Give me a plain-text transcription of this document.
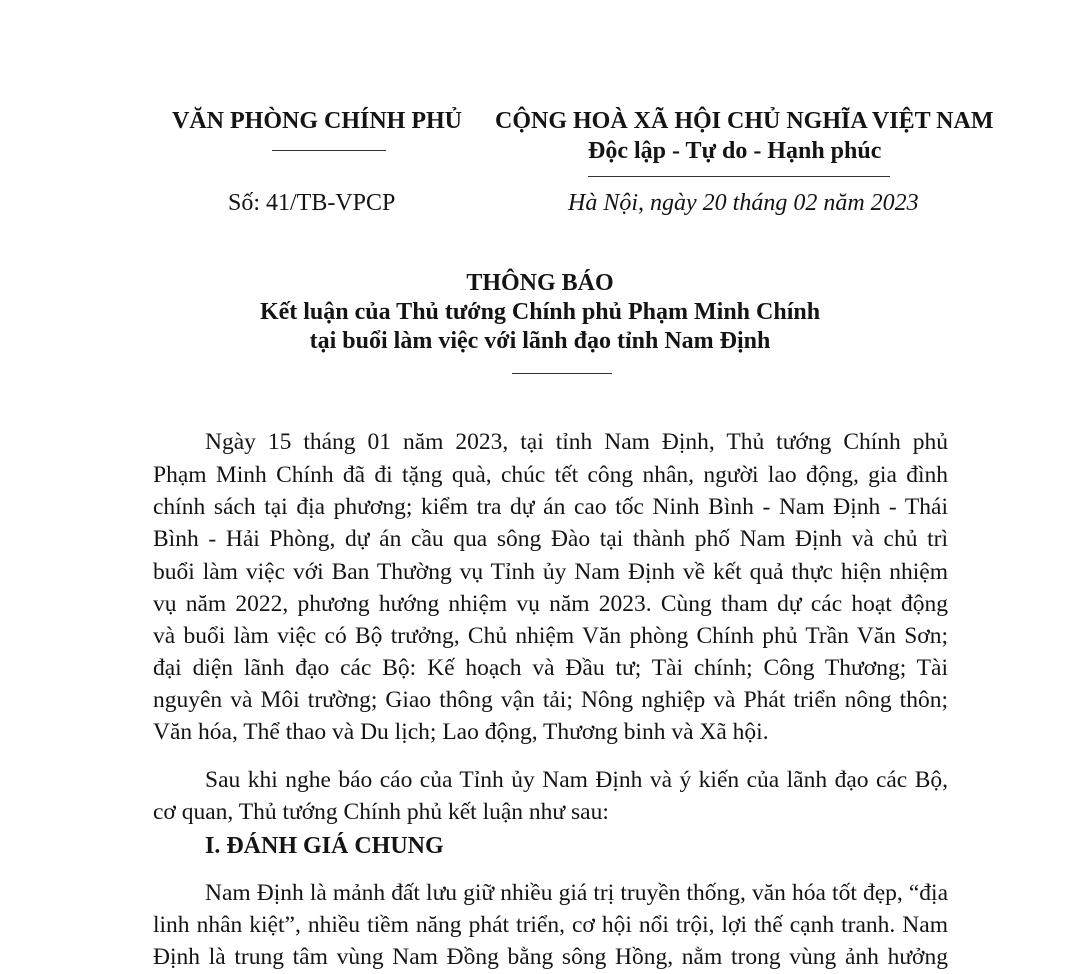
VĂN PHÒNG CHÍNH PHỦ
Số: 41/TB-VPCP
CỘNG HOÀ XÃ HỘI CHỦ NGHĨA VIỆT NAM
Độc lập - Tự do - Hạnh phúc
Hà Nội, ngày 20 tháng 02 năm 2023
THÔNG BÁO
Kết luận của Thủ tướng Chính phủ Phạm Minh Chính
tại buổi làm việc với lãnh đạo tỉnh Nam Định
Ngày 15 tháng 01 năm 2023, tại tỉnh Nam Định, Thủ tướng Chính phủ
Phạm Minh Chính đã đi tặng quà, chúc tết công nhân, người lao động, gia đình
chính sách tại địa phương; kiểm tra dự án cao tốc Ninh Bình - Nam Định - Thái
Bình - Hải Phòng, dự án cầu qua sông Đào tại thành phố Nam Định và chủ trì
buổi làm việc với Ban Thường vụ Tỉnh ủy Nam Định về kết quả thực hiện nhiệm
vụ năm 2022, phương hướng nhiệm vụ năm 2023. Cùng tham dự các hoạt động
và buổi làm việc có Bộ trưởng, Chủ nhiệm Văn phòng Chính phủ Trần Văn Sơn;
đại diện lãnh đạo các Bộ: Kế hoạch và Đầu tư; Tài chính; Công Thương; Tài
nguyên và Môi trường; Giao thông vận tải; Nông nghiệp và Phát triển nông thôn;
Văn hóa, Thể thao và Du lịch; Lao động, Thương binh và Xã hội.
Sau khi nghe báo cáo của Tỉnh ủy Nam Định và ý kiến của lãnh đạo các Bộ,
cơ quan, Thủ tướng Chính phủ kết luận như sau:
I. ĐÁNH GIÁ CHUNG
Nam Định là mảnh đất lưu giữ nhiều giá trị truyền thống, văn hóa tốt đẹp, “địa
linh nhân kiệt”, nhiều tiềm năng phát triển, cơ hội nổi trội, lợi thế cạnh tranh. Nam
Định là trung tâm vùng Nam Đồng bằng sông Hồng, nằm trong vùng ảnh hưởng
